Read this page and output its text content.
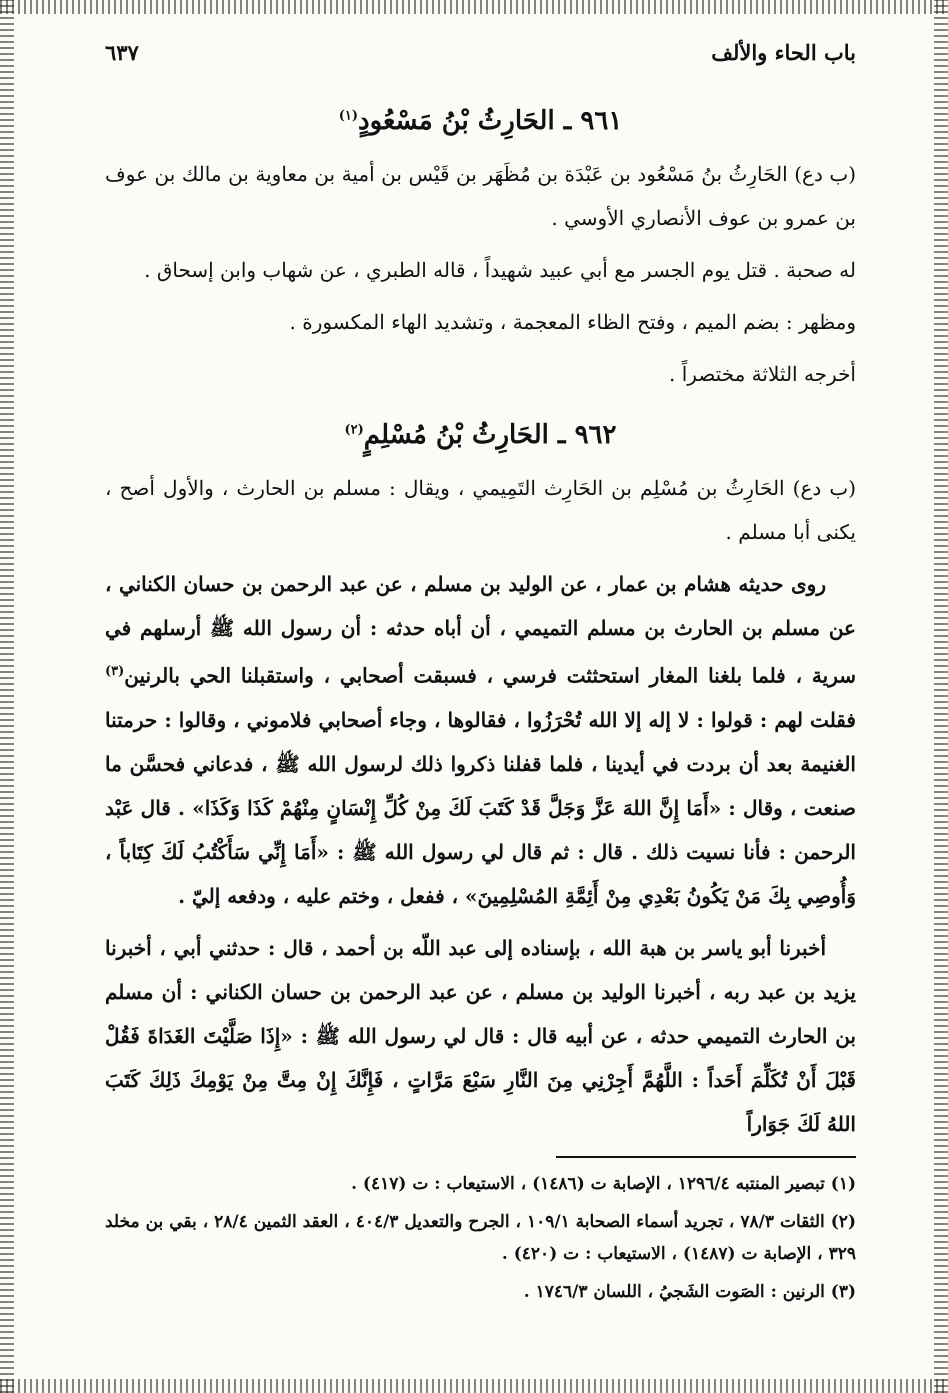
باب الحاء والألف
٦٣٧
٩٦١ ـ الحَارِثُ بْنُ مَسْعُودٍ$^{(١)}$

(ب دع) الحَارِثُ بنُ مَسْعُود بن عَبْدَة بن مُظَهَر بن قَيْس بن أمية بن معاوية بن مالك بن عوف بن عمرو بن عوف الأنصاري الأوسي .

له صحبة . قتل يوم الجسر مع أبي عبيد شهيداً ، قاله الطبري ، عن شهاب وابن إسحاق .

ومظهر : بضم الميم ، وفتح الظاء المعجمة ، وتشديد الهاء المكسورة .

أخرجه الثلاثة مختصراً .

٩٦٢ ـ الحَارِثُ بْنُ مُسْلِمٍ$^{(٢)}$

(ب دع) الحَارِثُ بن مُسْلِم بن الحَارِث التَمِيمي ، ويقال : مسلم بن الحارث ، والأول أصح ، يكنى أبا مسلم .

روى حديثه هشام بن عمار ، عن الوليد بن مسلم ، عن عبد الرحمن بن حسان الكناني ، عن مسلم بن الحارث بن مسلم التميمي ، أن أباه حدثه : أن رسول الله ﷺ أرسلهم في سرية ، فلما بلغنا المغار استحثثت فرسي ، فسبقت أصحابي ، واستقبلنا الحي بالرنين$^{(٣)}$ فقلت لهم : قولوا : لا إله إلا الله تُحْرَزُوا ، فقالوها ، وجاء أصحابي فلاموني ، وقالوا : حرمتنا الغنيمة بعد أن بردت في أيدينا ، فلما قفلنا ذكروا ذلك لرسول الله ﷺ ، فدعاني فحسَّن ما صنعت ، وقال : «أَمَا إِنَّ اللهَ عَزَّ وَجَلَّ قَدْ كَتَبَ لَكَ مِنْ كُلِّ إِنْسَانٍ مِنْهُمْ كَذَا وَكَذَا» . قال عَبْد الرحمن : فأنا نسيت ذلك . قال : ثم قال لي رسول الله ﷺ : «أَمَا إِنِّي سَأَكْتُبُ لَكَ كِتَاباً ، وَأُوصِي بِكَ مَنْ يَكُونُ بَعْدِي مِنْ أَئِمَّةِ المُسْلِمِينَ» ، ففعل ، وختم عليه ، ودفعه إليّ .

أخبرنا أبو ياسر بن هبة الله ، بإسناده إلى عبد اللّه بن أحمد ، قال : حدثني أبي ، أخبرنا يزيد بن عبد ربه ، أخبرنا الوليد بن مسلم ، عن عبد الرحمن بن حسان الكناني : أن مسلم بن الحارث التميمي حدثه ، عن أبيه قال : قال لي رسول الله ﷺ : «إِذَا صَلَّيْتَ الغَدَاةَ فَقُلْ قَبْلَ أَنْ تُكَلِّمَ أَحَداً : اللَّهُمَّ أَجِرْنِي مِنَ النَّارِ سَبْعَ مَرَّاتٍ ، فَإِنَّكَ إِنْ مِتَّ مِنْ يَوْمِكَ ذَلِكَ كَتَبَ اللهُ لَكَ جَوَاراً

(١) تبصير المنتبه ١٢٩٦/٤ ، الإصابة ت (١٤٨٦) ، الاستيعاب : ت (٤١٧) .

(٢) الثقات ٧٨/٣ ، تجريد أسماء الصحابة ١٠٩/١ ، الجرح والتعديل ٤٠٤/٣ ، العقد الثمين ٢٨/٤ ، بقي بن مخلد ٣٢٩ ، الإصابة ت (١٤٨٧) ، الاستيعاب : ت (٤٢٠) .

(٣) الرنين : الصَوت الشَجيُ ، اللسان ١٧٤٦/٣ .
